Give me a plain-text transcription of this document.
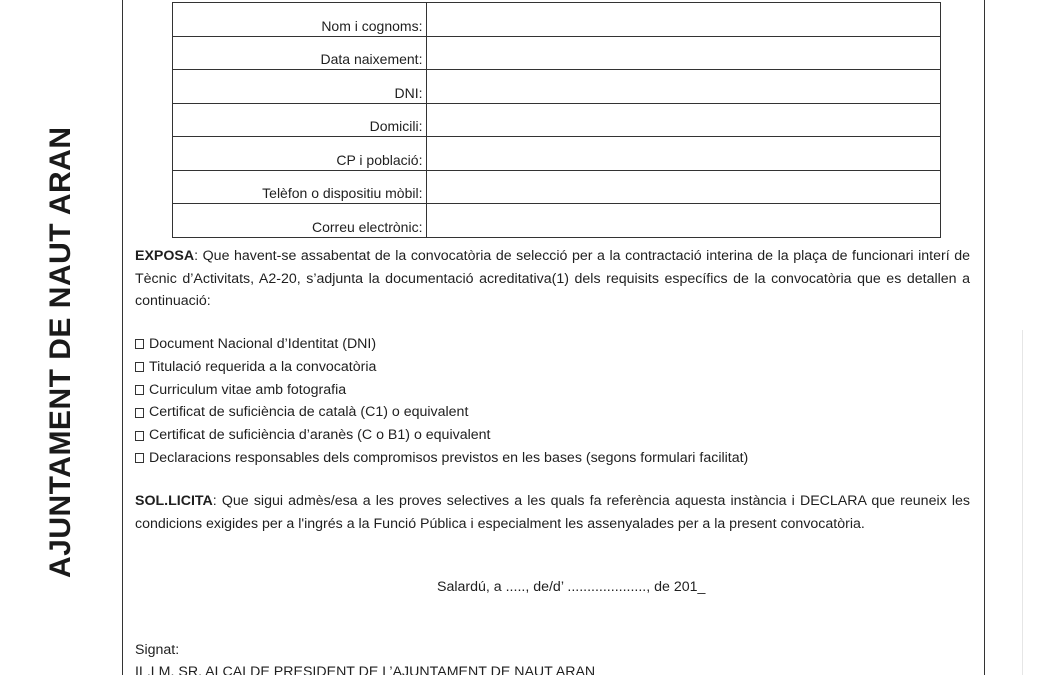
AJUNTAMENT DE NAUT ARAN
Nom i cognoms:	
Data naixement:	
DNI:	
Domicili:	
CP i població:	
Telèfon o dispositiu mòbil:	
Correu electrònic:	
EXPOSA: Que havent-se assabentat de la convocatòria de selecció per a la contractació interina de la plaça de funcionari interí de Tècnic d’Activitats, A2-20, s’adjunta la documentació acreditativa(1) dels requisits específics de la convocatòria que es detallen a continuació:
Document Nacional d’Identitat (DNI)
Titulació requerida a la convocatòria
Curriculum vitae amb fotografia
Certificat de suficiència de català (C1) o equivalent
Certificat de suficiència d’aranès (C o B1) o equivalent
Declaracions responsables dels compromisos previstos en les bases (segons formulari facilitat)
SOL.LICITA: Que sigui admès/esa a les proves selectives a les quals fa referència aquesta instància i DECLARA que reuneix les condicions exigides per a l'ingrés a la Funció Pública i especialment les assenyalades per a la present convocatòria.
Salardú, a ....., de/d’ ...................., de 201_
Signat:
IL.LM. SR. ALCALDE PRESIDENT DE L’AJUNTAMENT DE NAUT ARAN
